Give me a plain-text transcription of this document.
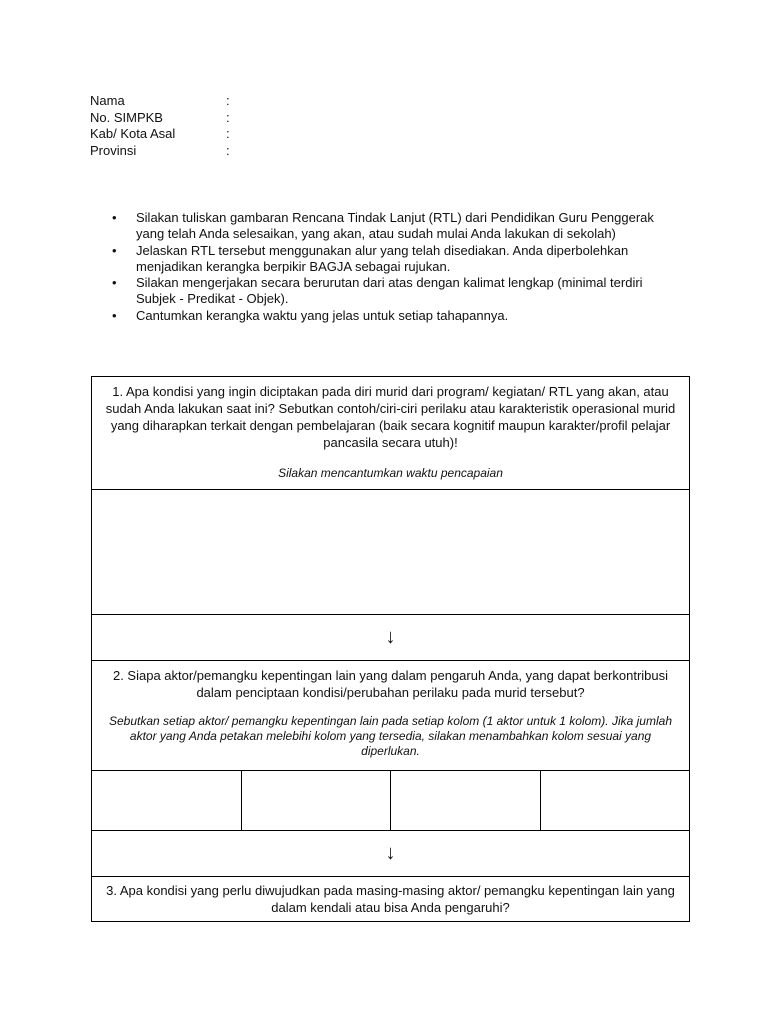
Nama	:
No. SIMPKB	:
Kab/ Kota Asal	:
Provinsi	:
• Silakan tuliskan gambaran Rencana Tindak Lanjut (RTL) dari Pendidikan Guru Penggerak yang telah Anda selesaikan, yang akan, atau sudah mulai Anda lakukan di sekolah)
• Jelaskan RTL tersebut menggunakan alur yang telah disediakan. Anda diperbolehkan menjadikan kerangka berpikir BAGJA sebagai rujukan.
• Silakan mengerjakan secara berurutan dari atas dengan kalimat lengkap (minimal terdiri Subjek - Predikat - Objek).
• Cantumkan kerangka waktu yang jelas untuk setiap tahapannya.
1. Apa kondisi yang ingin diciptakan pada diri murid dari program/ kegiatan/ RTL yang akan, atau sudah Anda lakukan saat ini? Sebutkan contoh/ciri-ciri perilaku atau karakteristik operasional murid yang diharapkan terkait dengan pembelajaran (baik secara kognitif maupun karakter/profil pelajar pancasila secara utuh)!
Silakan mencantumkan waktu pencapaian
↓
2. Siapa aktor/pemangku kepentingan lain yang dalam pengaruh Anda, yang dapat berkontribusi dalam penciptaan kondisi/perubahan perilaku pada murid tersebut?
Sebutkan setiap aktor/ pemangku kepentingan lain pada setiap kolom (1 aktor untuk 1 kolom). Jika jumlah aktor yang Anda petakan melebihi kolom yang tersedia, silakan menambahkan kolom sesuai yang diperlukan.
↓
3. Apa kondisi yang perlu diwujudkan pada masing-masing aktor/ pemangku kepentingan lain yang dalam kendali atau bisa Anda pengaruhi?
